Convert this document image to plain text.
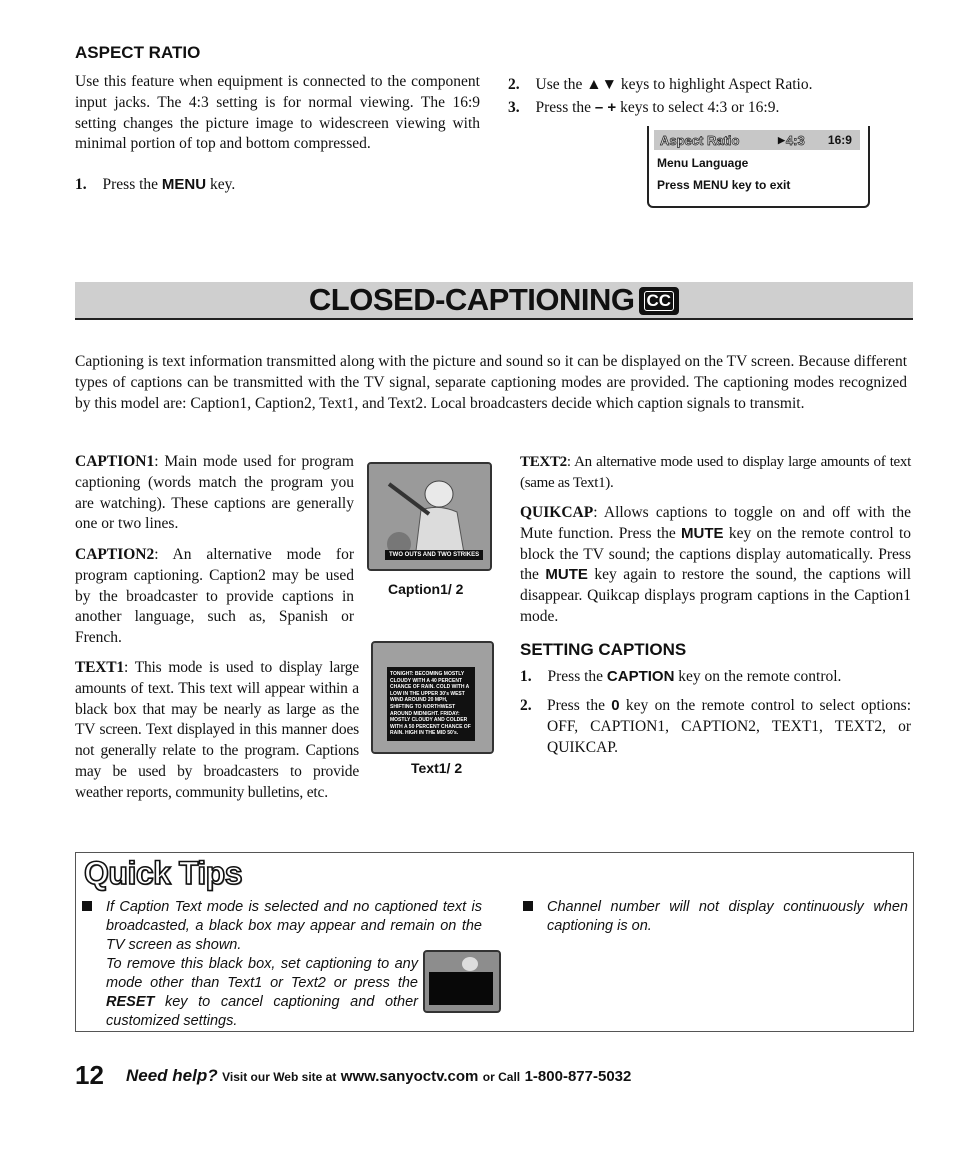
ASPECT RATIO
Use this feature when equipment is connected to the component input jacks. The 4:3 setting is for normal viewing. The 16:9 setting changes the picture image to widescreen viewing with minimal portion of top and bottom compressed.
1. Press the MENU key.
2. Use the ▲▼ keys to highlight Aspect Ratio.
3. Press the – + keys to select 4:3 or 16:9.
Aspect Ratio	▶ 4:3	16:9
Menu Language
Press MENU key to exit
CLOSED-CAPTIONING CC
Captioning is text information transmitted along with the picture and sound so it can be displayed on the TV screen. Because different types of captions can be transmitted with the TV signal, separate captioning modes are provided. The captioning modes recognized by this model are: Caption1, Caption2, Text1, and Text2. Local broadcasters decide which caption signals to transmit.
CAPTION1: Main mode used for program captioning (words match the program you are watching). These captions are generally one or two lines.
CAPTION2: An alternative mode for program captioning. Caption2 may be used by the broadcaster to provide captions in another language, such as, Spanish or French.
TEXT1: This mode is used to display large amounts of text. This text will appear within a black box that may be nearly as large as the TV screen. Text displayed in this manner does not generally relate to the program. Captions may be used by broadcasters to provide weather reports, community bulletins, etc.
TWO OUTS AND TWO STRIKES
Caption1/ 2
TONIGHT: BECOMING MOSTLY CLOUDY WITH A 40 PERCENT CHANCE OF RAIN. COLD WITH A LOW IN THE UPPER 30's WEST WIND AROUND 20 MPH, SHIFTING TO NORTHWEST AROUND MIDNIGHT. FRIDAY: MOSTLY CLOUDY AND COLDER WITH A 50 PERCENT CHANCE OF RAIN. HIGH IN THE MID 50's.
Text1/ 2
TEXT2: An alternative mode used to display large amounts of text (same as Text1).
QUIKCAP: Allows captions to toggle on and off with the Mute function. Press the MUTE key on the remote control to block the TV sound; the captions display automatically. Press the MUTE key again to restore the sound, the captions will disappear. Quikcap displays program captions in the Caption1 mode.
SETTING CAPTIONS
1. Press the CAPTION key on the remote control.
2. Press the 0 key on the remote control to select options: OFF, CAPTION1, CAPTION2, TEXT1, TEXT2, or QUIKCAP.
Quick Tips
If Caption Text mode is selected and no captioned text is broadcasted, a black box may appear and remain on the TV screen as shown.
To remove this black box, set captioning to any mode other than Text1 or Text2 or press the RESET key to cancel captioning and other customized settings.
Channel number will not display continuously when captioning is on.
12 Need help? Visit our Web site at www.sanyoctv.com or Call 1-800-877-5032
